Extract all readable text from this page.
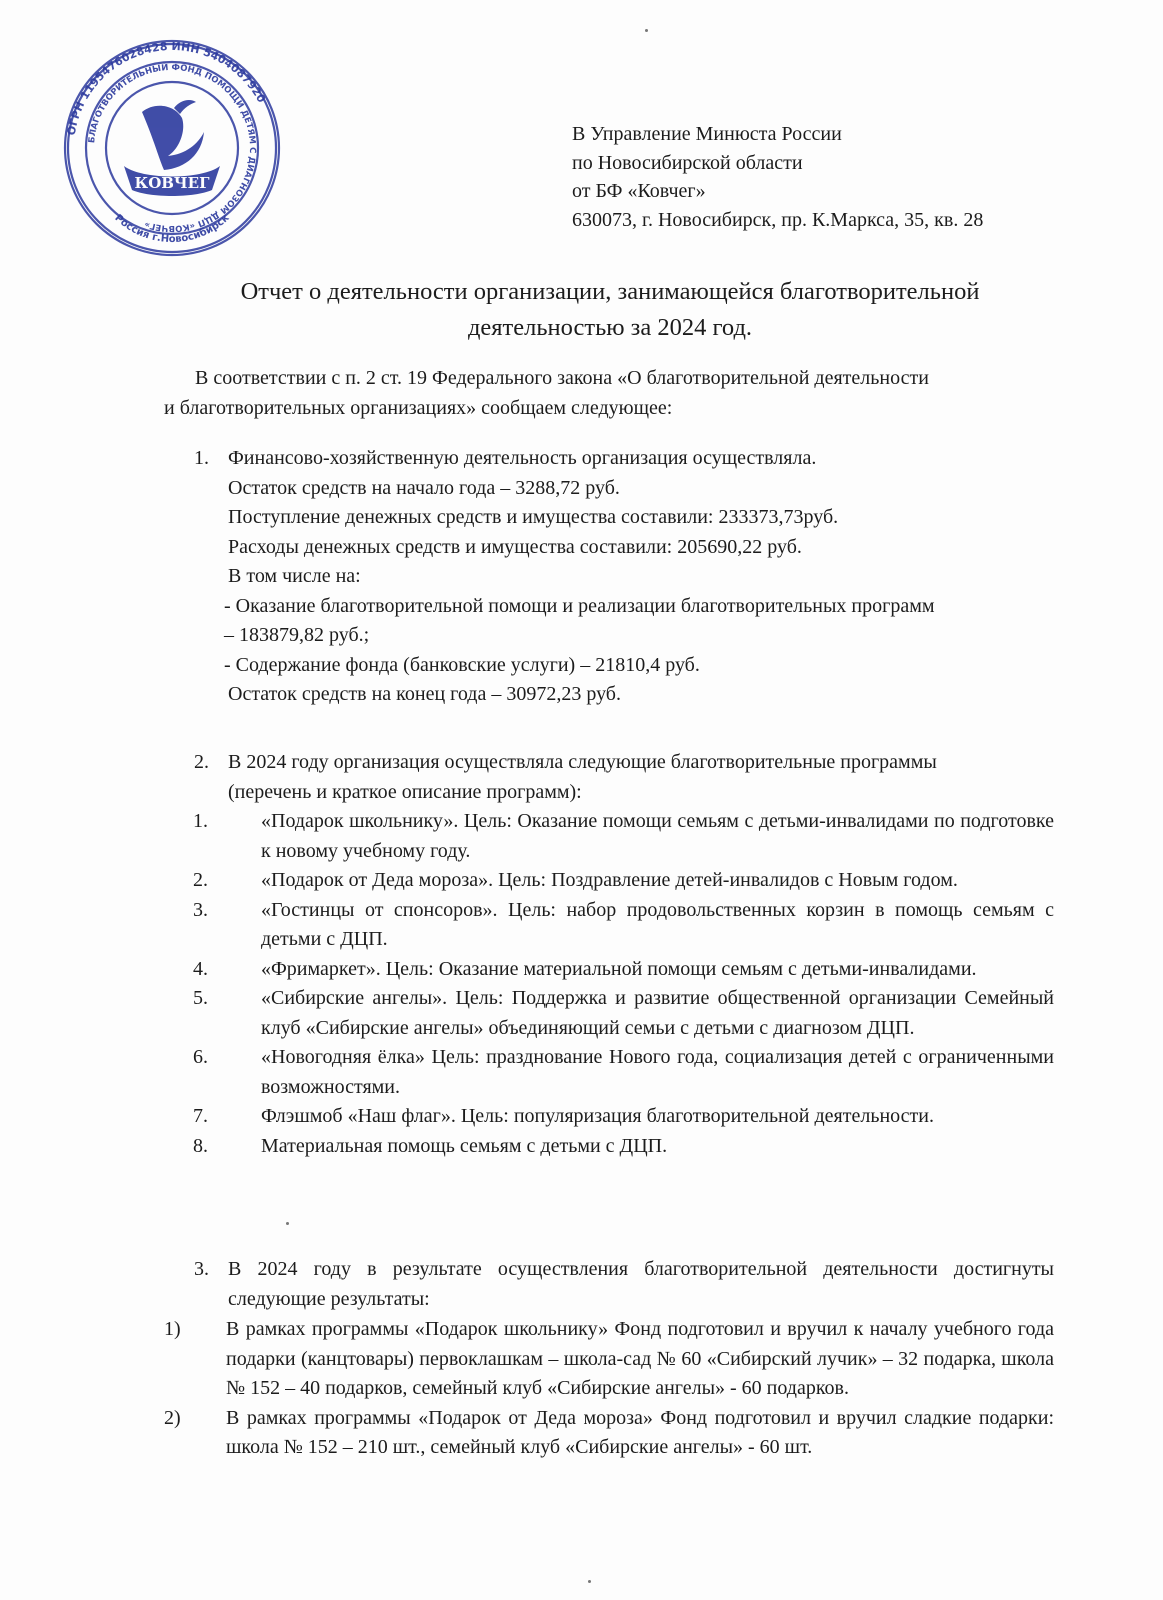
ОГРН 1195476028428 ИНН 5404087920
БЛАГОТВОРИТЕЛЬНЫЙ ФОНД ПОМОЩИ ДЕТЯМ С ДИАГНОЗОМ ДЦП «КОВЧЕГ»
Россия г.Новосибирск
КОВЧЕГ
В Управление Минюста России
по Новосибирской области
от БФ «Ковчег»
630073, г. Новосибирск, пр. К.Маркса, 35, кв. 28
Отчет о деятельности организации, занимающейся благотворительной
деятельностью за 2024 год.
В соответствии с п. 2 ст. 19 Федерального закона «О благотворительной деятельности
и благотворительных организациях» сообщаем следующее:
1. Финансово-хозяйственную деятельность организация осуществляла.
Остаток средств на начало года – 3288,72 руб.
Поступление денежных средств и имущества составили: 233373,73руб.
Расходы денежных средств и имущества составили: 205690,22 руб.
В том числе на:
- Оказание благотворительной помощи и реализации благотворительных программ
– 183879,82 руб.;
- Содержание фонда (банковские услуги) – 21810,4 руб.
Остаток средств на конец года – 30972,23 руб.
2. В 2024 году организация осуществляла следующие благотворительные программы
(перечень и краткое описание программ):
1.	«Подарок школьнику». Цель: Оказание помощи семьям с детьми-инвалидами по подготовке к новому учебному году.
2.	«Подарок от Деда мороза». Цель: Поздравление детей-инвалидов с Новым годом.
3.	«Гостинцы от спонсоров». Цель: набор продовольственных корзин в помощь семьям с детьми с ДЦП.
4.	«Фримаркет». Цель: Оказание материальной помощи семьям с детьми-инвалидами.
5.	«Сибирские ангелы». Цель: Поддержка и развитие общественной организации Семейный клуб «Сибирские ангелы» объединяющий семьи с детьми с диагнозом ДЦП.
6.	«Новогодняя ёлка» Цель: празднование Нового года, социализация детей с ограниченными возможностями.
7.	Флэшмоб «Наш флаг». Цель: популяризация благотворительной деятельности.
8.	Материальная помощь семьям с детьми с ДЦП.
3. В 2024 году в результате осуществления благотворительной деятельности достигнуты следующие результаты:
1) В рамках программы «Подарок школьнику» Фонд подготовил и вручил к началу учебного года подарки (канцтовары) первоклашкам – школа-сад № 60 «Сибирский лучик» – 32 подарка, школа № 152 – 40 подарков, семейный клуб «Сибирские ангелы» - 60 подарков.
2) В рамках программы «Подарок от Деда мороза» Фонд подготовил и вручил сладкие подарки: школа № 152 – 210 шт., семейный клуб «Сибирские ангелы» - 60 шт.
